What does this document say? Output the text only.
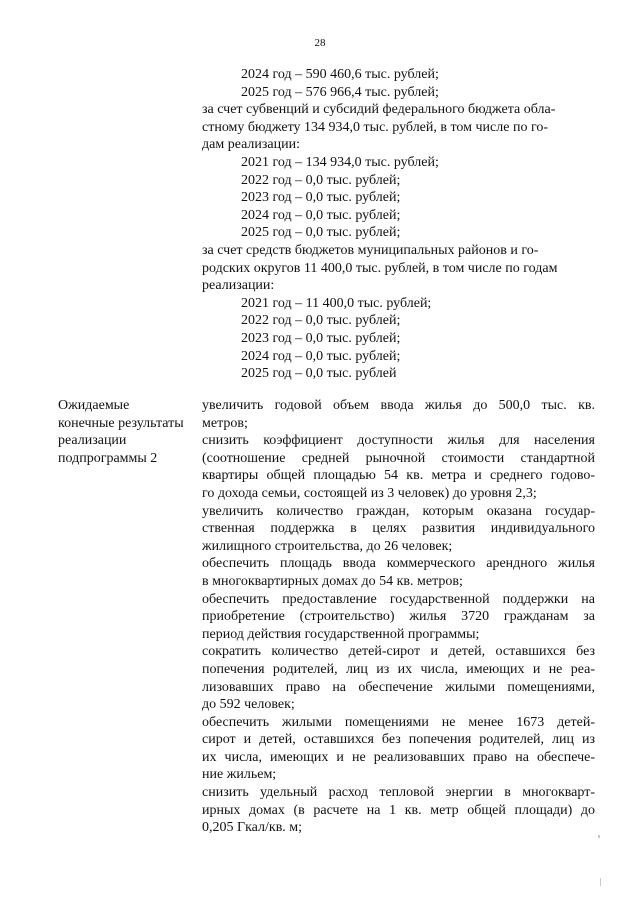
28
2024 год – 590 460,6 тыс. рублей;
2025 год – 576 966,4 тыс. рублей;
за счет субвенций и субсидий федерального бюджета обла-
стному бюджету 134 934,0 тыс. рублей, в том числе по го-
дам реализации:
2021 год – 134 934,0 тыс. рублей;
2022 год – 0,0 тыс. рублей;
2023 год – 0,0 тыс. рублей;
2024 год – 0,0 тыс. рублей;
2025 год – 0,0 тыс. рублей;
за счет средств бюджетов муниципальных районов и го-
родских округов 11 400,0 тыс. рублей, в том числе по годам
реализации:
2021 год – 11 400,0 тыс. рублей;
2022 год – 0,0 тыс. рублей;
2023 год – 0,0 тыс. рублей;
2024 год – 0,0 тыс. рублей;
2025 год – 0,0 тыс. рублей
Ожидаемые
конечные результаты
реализации
подпрограммы 2
увеличить годовой объем ввода жилья до 500,0 тыс. кв.
метров;
снизить коэффициент доступности жилья для населения
(соотношение средней рыночной стоимости стандартной
квартиры общей площадью 54 кв. метра и среднего годово-
го дохода семьи, состоящей из 3 человек) до уровня 2,3;
увеличить количество граждан, которым оказана государ-
ственная поддержка в целях развития индивидуального
жилищного строительства, до 26 человек;
обеспечить площадь ввода коммерческого арендного жилья
в многоквартирных домах до 54 кв. метров;
обеспечить предоставление государственной поддержки на
приобретение (строительство) жилья 3720 гражданам за
период действия государственной программы;
сократить количество детей-сирот и детей, оставшихся без
попечения родителей, лиц из их числа, имеющих и не реа-
лизовавших право на обеспечение жилыми помещениями,
до 592 человек;
обеспечить жилыми помещениями не менее 1673 детей-
сирот и детей, оставшихся без попечения родителей, лиц из
их числа, имеющих и не реализовавших право на обеспече-
ние жильем;
снизить удельный расход тепловой энергии в многокварт-
ирных домах (в расчете на 1 кв. метр общей площади) до
0,205 Гкал/кв. м;
